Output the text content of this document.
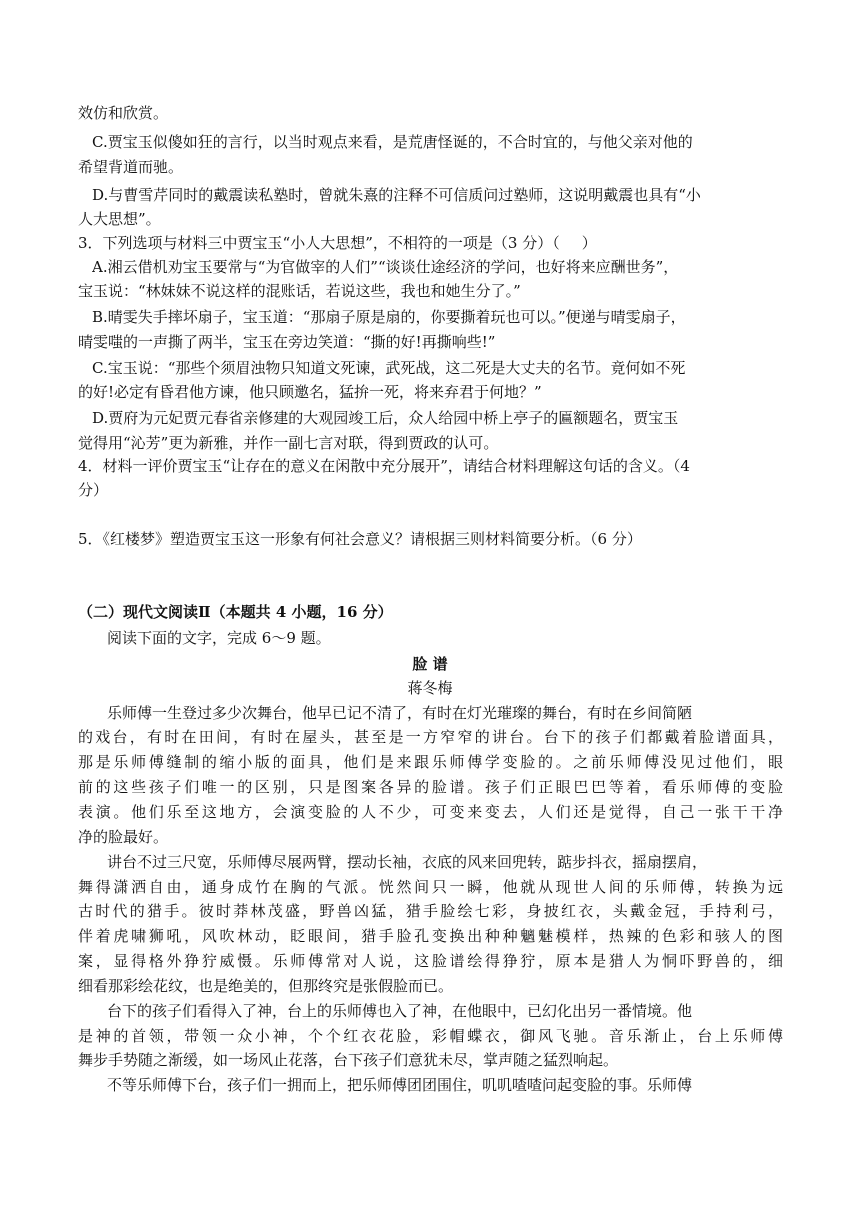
效仿和欣赏。
C.贾宝玉似傻如狂的言行，以当时观点来看，是荒唐怪诞的，不合时宜的，与他父亲对他的
希望背道而驰。
D.与曹雪芹同时的戴震读私塾时，曾就朱熹的注释不可信质问过塾师，这说明戴震也具有“小
人大思想”。
3．下列选项与材料三中贾宝玉“小人大思想”，不相符的一项是（3 分）（ ）
A.湘云借机劝宝玉要常与“为官做宰的人们”“谈谈仕途经济的学问，也好将来应酬世务”，
宝玉说：“林妹妹不说这样的混账话，若说这些，我也和她生分了。”
B.晴雯失手摔坏扇子，宝玉道：“那扇子原是扇的，你要撕着玩也可以。”便递与晴雯扇子，
晴雯嗤的一声撕了两半，宝玉在旁边笑道：“撕的好!再撕响些!”
C.宝玉说：“那些个须眉浊物只知道文死谏，武死战，这二死是大丈夫的名节。竟何如不死
的好!必定有昏君他方谏，他只顾邀名，猛拚一死，将来弃君于何地？”
D.贾府为元妃贾元春省亲修建的大观园竣工后，众人给园中桥上亭子的匾额题名，贾宝玉
觉得用“沁芳”更为新雅，并作一副七言对联，得到贾政的认可。
4．材料一评价贾宝玉“让存在的意义在闲散中充分展开”，请结合材料理解这句话的含义。（4
分）
5．《红楼梦》塑造贾宝玉这一形象有何社会意义？请根据三则材料简要分析。（6 分）
（二）现代文阅读Ⅱ（本题共 4 小题，16 分）
阅读下面的文字，完成 6～9 题。
脸 谱
蒋冬梅
乐师傅一生登过多少次舞台，他早已记不清了，有时在灯光璀璨的舞台，有时在乡间简陋
的戏台，有时在田间，有时在屋头，甚至是一方窄窄的讲台。台下的孩子们都戴着脸谱面具，
那是乐师傅缝制的缩小版的面具，他们是来跟乐师傅学变脸的。之前乐师傅没见过他们，眼
前的这些孩子们唯一的区别，只是图案各异的脸谱。孩子们正眼巴巴等着，看乐师傅的变脸
表演。他们乐至这地方，会演变脸的人不少，可变来变去，人们还是觉得，自己一张干干净
净的脸最好。
讲台不过三尺宽，乐师傅尽展两臂，摆动长袖，衣底的风来回兜转，踮步抖衣，摇扇摆肩，
舞得潇洒自由，通身成竹在胸的气派。恍然间只一瞬，他就从现世人间的乐师傅，转换为远
古时代的猎手。彼时莽林茂盛，野兽凶猛，猎手脸绘七彩，身披红衣，头戴金冠，手持利弓，
伴着虎啸狮吼，风吹林动，眨眼间，猎手脸孔变换出种种魑魅模样，热辣的色彩和骇人的图
案，显得格外狰狞威慑。乐师傅常对人说，这脸谱绘得狰狞，原本是猎人为恫吓野兽的，细
细看那彩绘花纹，也是绝美的，但那终究是张假脸而已。
台下的孩子们看得入了神，台上的乐师傅也入了神，在他眼中，已幻化出另一番情境。他
是神的首领，带领一众小神，个个红衣花脸，彩帽蝶衣，御风飞驰。音乐渐止，台上乐师傅
舞步手势随之渐缓，如一场风止花落，台下孩子们意犹未尽，掌声随之猛烈响起。
不等乐师傅下台，孩子们一拥而上，把乐师傅团团围住，叽叽喳喳问起变脸的事。乐师傅
